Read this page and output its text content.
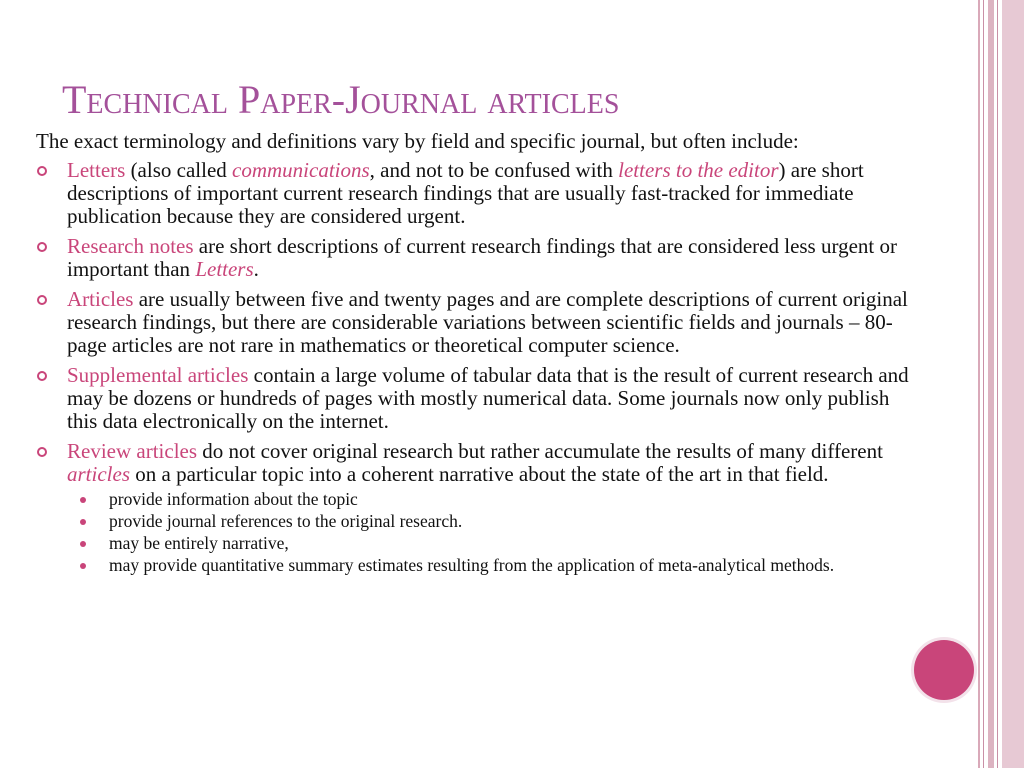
Technical Paper-Journal articles

The exact terminology and definitions vary by field and specific journal, but often include:

Letters (also called communications, and not to be confused with letters to the editor) are short descriptions of important current research findings that are usually fast-tracked for immediate publication because they are considered urgent.
Research notes are short descriptions of current research findings that are considered less urgent or important than Letters.
Articles are usually between five and twenty pages and are complete descriptions of current original research findings, but there are considerable variations between scientific fields and journals – 80-page articles are not rare in mathematics or theoretical computer science.
Supplemental articles contain a large volume of tabular data that is the result of current research and may be dozens or hundreds of pages with mostly numerical data. Some journals now only publish this data electronically on the internet.
Review articles do not cover original research but rather accumulate the results of many different articles on a particular topic into a coherent narrative about the state of the art in that field.
provide information about the topic
provide journal references to the original research.
may be entirely narrative,
may provide quantitative summary estimates resulting from the application of meta-analytical methods.
